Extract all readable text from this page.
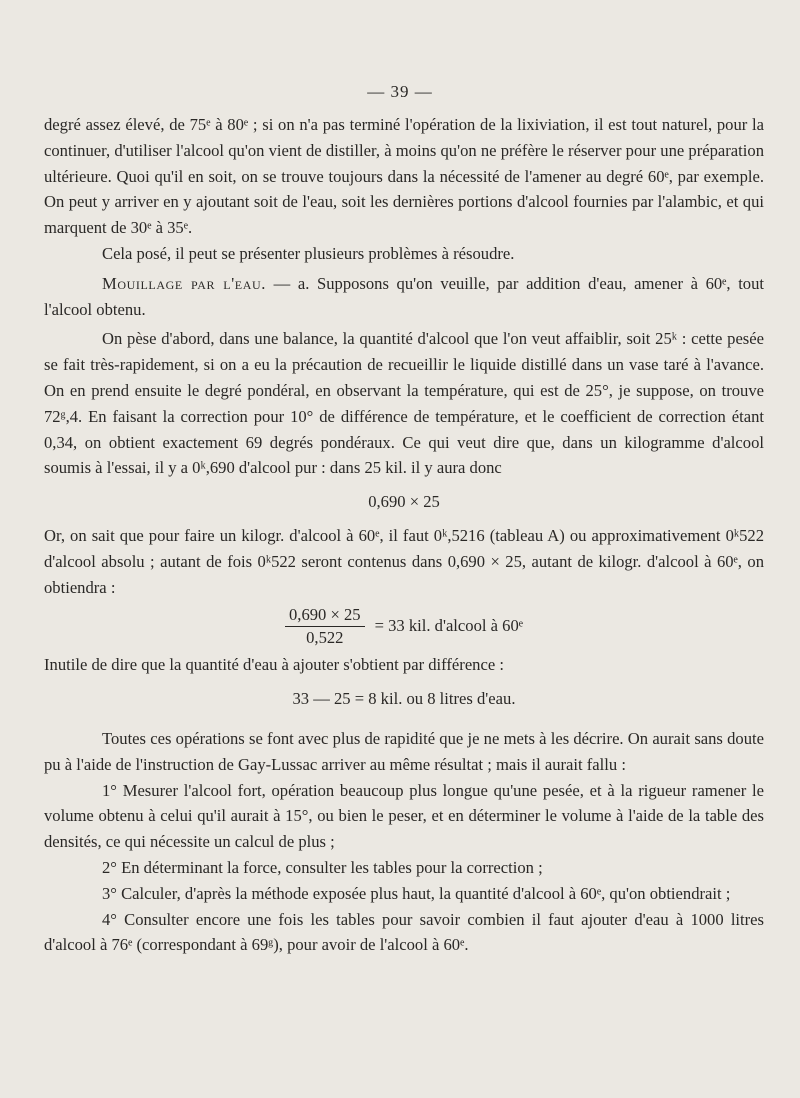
— 39 —

degré assez élevé, de 75ᵉ à 80ᵉ ; si on n'a pas terminé l'opération de la lixiviation, il est tout naturel, pour la continuer, d'utiliser l'alcool qu'on vient de distiller, à moins qu'on ne préfère le réserver pour une préparation ultérieure. Quoi qu'il en soit, on se trouve toujours dans la nécessité de l'amener au degré 60ᵉ, par exemple. On peut y arriver en y ajoutant soit de l'eau, soit les dernières portions d'alcool fournies par l'alambic, et qui marquent de 30ᵉ à 35ᵉ.

Cela posé, il peut se présenter plusieurs problèmes à résoudre.

Mouillage par l'eau. — a. Supposons qu'on veuille, par addition d'eau, amener à 60ᵉ, tout l'alcool obtenu.

On pèse d'abord, dans une balance, la quantité d'alcool que l'on veut affaiblir, soit 25ᵏ : cette pesée se fait très-rapidement, si on a eu la précaution de recueillir le liquide distillé dans un vase taré à l'avance. On en prend ensuite le degré pondéral, en observant la température, qui est de 25°, je suppose, on trouve 72ᵍ,4. En faisant la correction pour 10° de différence de température, et le coefficient de correction étant 0,34, on obtient exactement 69 degrés pondéraux. Ce qui veut dire que, dans un kilogramme d'alcool soumis à l'essai, il y a 0ᵏ,690 d'alcool pur : dans 25 kil. il y aura donc

0,690 × 25

Or, on sait que pour faire un kilogr. d'alcool à 60ᵉ, il faut 0ᵏ,5216 (tableau A) ou approximativement 0ᵏ522 d'alcool absolu ; autant de fois 0ᵏ522 seront contenus dans 0,690 × 25, autant de kilogr. d'alcool à 60ᵉ, on obtiendra :

$\frac{0,690 \times 25}{0,522} = 33$ kil. d'alcool à 60ᵉ

Inutile de dire que la quantité d'eau à ajouter s'obtient par différence :

33 — 25 = 8 kil. ou 8 litres d'eau.

Toutes ces opérations se font avec plus de rapidité que je ne mets à les décrire. On aurait sans doute pu à l'aide de l'instruction de Gay-Lussac arriver au même résultat ; mais il aurait fallu :

1° Mesurer l'alcool fort, opération beaucoup plus longue qu'une pesée, et à la rigueur ramener le volume obtenu à celui qu'il aurait à 15°, ou bien le peser, et en déterminer le volume à l'aide de la table des densités, ce qui nécessite un calcul de plus ;

2° En déterminant la force, consulter les tables pour la correction ;

3° Calculer, d'après la méthode exposée plus haut, la quantité d'alcool à 60ᵉ, qu'on obtiendrait ;

4° Consulter encore une fois les tables pour savoir combien il faut ajouter d'eau à 1000 litres d'alcool à 76ᵉ (correspondant à 69ᵍ), pour avoir de l'alcool à 60ᵉ.
